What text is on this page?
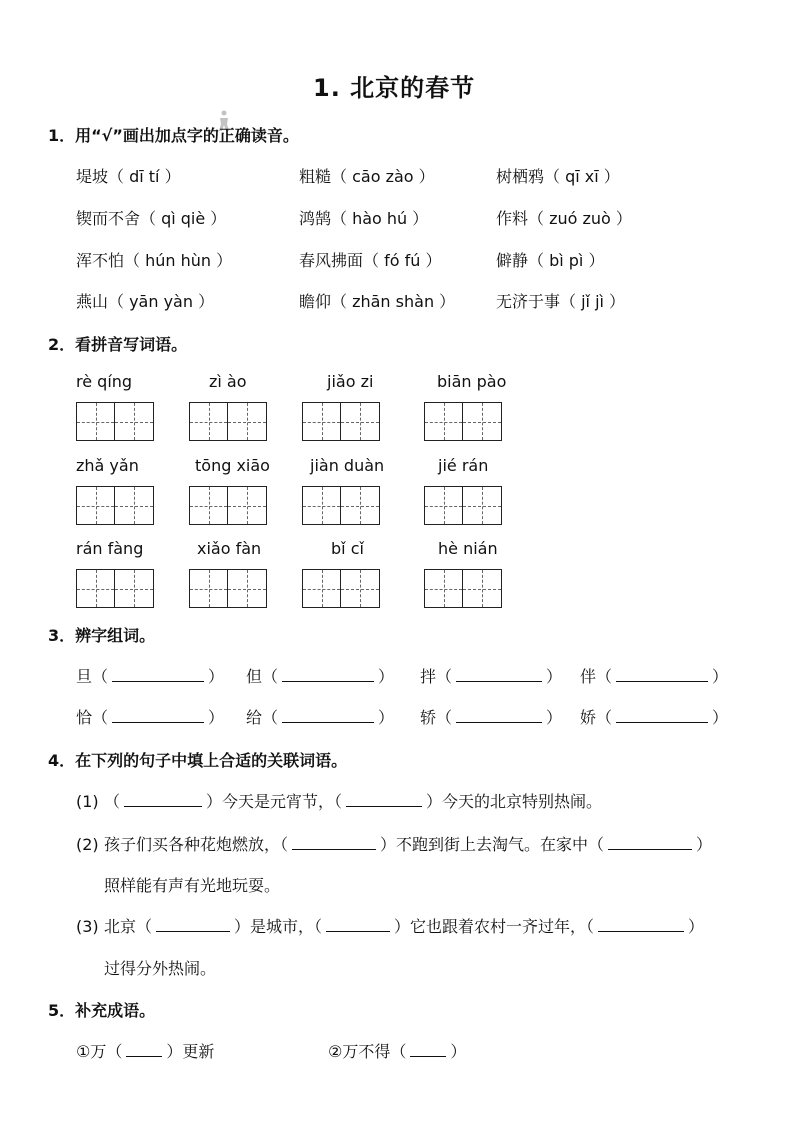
1. 北京的春节
1．用“√”画出加点字的正确读音。
堤坡（ dī tí ）	粗糙（ cāo zào ）	树栖鸦（ qī xī ）
锲而不舍（ qì qiè ）	鸿鹄（ hào hú ）	作料（ zuó zuò ）
浑不怕（ hún hùn ）	春风拂面（ fó fú ）	僻静（ bì pì ）
燕山（ yān yàn ）	瞻仰（ zhān shàn ）	无济于事（ jǐ jì ）
2．看拼音写词语。
rè qíng	zì ào	jiǎo zi	biān pào
zhǎ yǎn	tōng xiāo	jiàn duàn	jié rán
rán fàng	xiǎo fàn	bǐ cǐ	hè nián
3．辨字组词。
旦（	） 但（	） 拌（	） 伴（	）
恰（	） 给（	） 轿（	） 娇（	）
4．在下列的句子中填上合适的关联词语。
(1) （	）今天是元宵节，（	）今天的北京特别热闹。
(2) 孩子们买各种花炮燃放，（	）不跑到街上去淘气。在家中（	）
照样能有声有光地玩耍。
(3) 北京（	）是城市，（	）它也跟着农村一齐过年，（	）
过得分外热闹。
5．补充成语。
①万（	）更新	②万不得（	）
